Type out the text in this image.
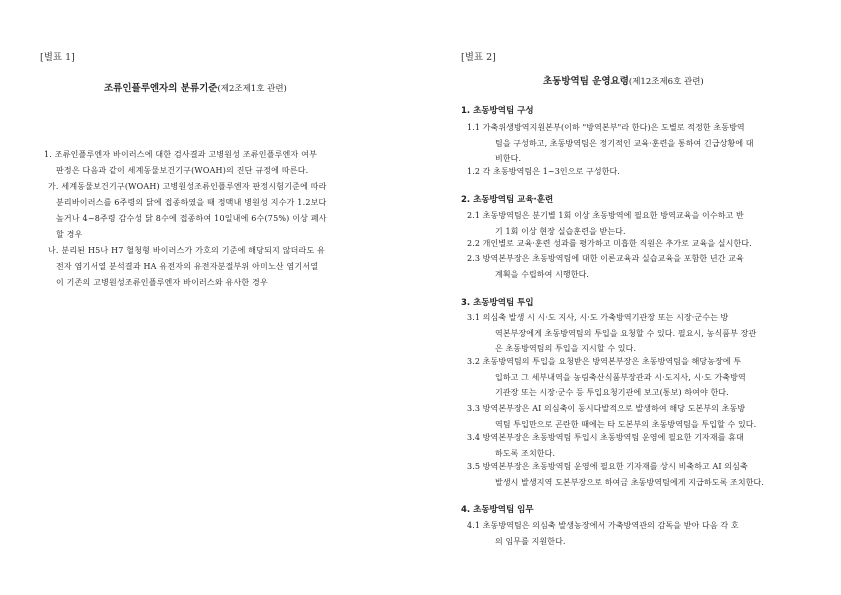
[별표 1]
조류인플루엔자의 분류기준(제2조제1호 관련)
1. 조류인플루엔자 바이러스에 대한 검사결과 고병원성 조류인플루엔자 여부
판정은 다음과 같이 세계동물보건기구(WOAH)의 진단 규정에 따른다.
가. 세계동물보건기구(WOAH) 고병원성조류인플루엔자 판정시험기준에 따라
분리바이러스를 6주령의 닭에 접종하였을 때 정맥내 병원성 지수가 1.2보다
높거나 4~8주령 감수성 닭 8수에 접종하여 10일내에 6수(75%) 이상 폐사
할 경우
나. 분리된 H5나 H7 혈청형 바이러스가 가호의 기준에 해당되지 않더라도 유
전자 염기서열 분석결과 HA 유전자의 유전자분절부위 아미노산 염기서열
이 기존의 고병원성조류인플루엔자 바이러스와 유사한 경우
[별표 2]
초동방역팀 운영요령(제12조제6호 관련)
1. 초동방역팀 구성
1.1 가축위생방역지원본부(이하 "방역본부"라 한다)은 도별로 적정한 초동방역
팀을 구성하고, 초동방역팀은 정기적인 교육·훈련을 통하여 긴급상황에 대
비한다.
1.2 각 초동방역팀은 1~3인으로 구성한다.
2. 초동방역팀 교육·훈련
2.1 초동방역팀은 분기별 1회 이상 초동방역에 필요한 방역교육을 이수하고 반
기 1회 이상 현장 실습훈련을 받는다.
2.2 개인별로 교육·훈련 성과를 평가하고 미흡한 직원은 추가로 교육을 실시한다.
2.3 방역본부장은 초동방역팀에 대한 이론교육과 실습교육을 포함한 년간 교육
계획을 수립하여 시행한다.
3. 초동방역팀 투입
3.1 의심축 발생 시 시·도 지사, 시·도 가축방역기관장 또는 시장·군수는 방
역본부장에게 초동방역팀의 투입을 요청할 수 있다. 필요시, 농식품부 장관
은 초동방역팀의 투입을 지시할 수 있다.
3.2 초동방역팀의 투입을 요청받은 방역본부장은 초동방역팀을 해당농장에 투
입하고 그 세부내역을 농림축산식품부장관과 시·도지사, 시·도 가축방역
기관장 또는 시장·군수 등 투입요청기관에 보고(통보) 하여야 한다.
3.3 방역본부장은 AI 의심축이 동시다발적으로 발생하여 해당 도본부의 초동방
역팀 투입만으로 곤란한 때에는 타 도본부의 초동방역팀을 투입할 수 있다.
3.4 방역본부장은 초동방역팀 투입시 초동방역팀 운영에 필요한 기자재를 휴대
하도록 조치한다.
3.5 방역본부장은 초동방역팀 운영에 필요한 기자재를 상시 비축하고 AI 의심축
발생시 발생지역 도본부장으로 하여금 초동방역팀에게 지급하도록 조치한다.
4. 초동방역팀 임무
4.1 초동방역팀은 의심축 발생농장에서 가축방역관의 감독을 받아 다음 각 호
의 임무를 지원한다.
